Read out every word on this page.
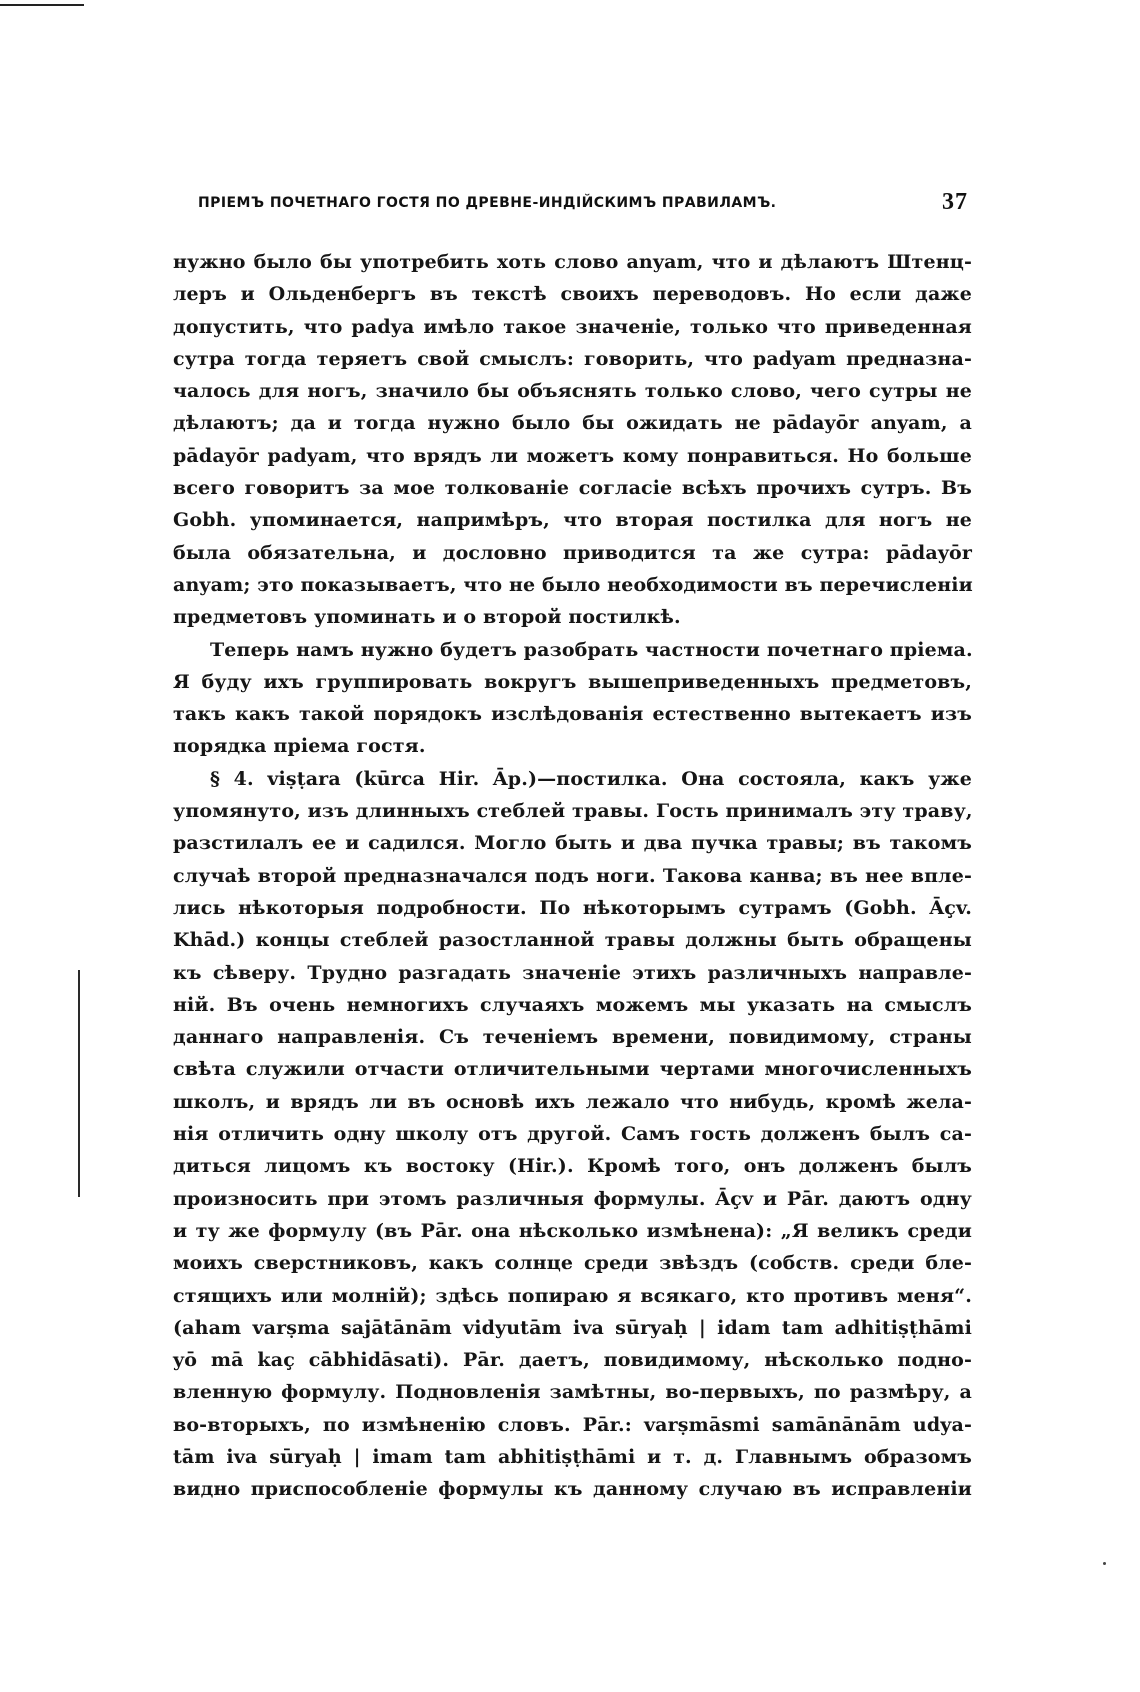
ПРІЕМЪ ПОЧЕТНАГО ГОСТЯ ПО ДРЕВНЕ-ИНДІЙСКИМЪ ПРАВИЛАМЪ.	37
нужно было бы употребить хоть слово anyam, что и дѣлаютъ Штенц-
леръ и Ольденбергъ въ текстѣ своихъ переводовъ. Но если даже
допустить, что padya имѣло такое значеніе, только что приведенная
сутра тогда теряетъ свой смыслъ: говорить, что padyam предназна-
чалось для ногъ, значило бы объяснять только слово, чего сутры не
дѣлаютъ; да и тогда нужно было бы ожидать не pādayōr anyam, a
pādayōr padyam, что врядъ ли можетъ кому понравиться. Но больше
всего говоритъ за мое толкованіе согласіе всѣхъ прочихъ сутръ. Въ
Gobh. упоминается, напримѣръ, что вторая постилка для ногъ не
была обязательна, и дословно приводится та же сутра: pādayōr
anyam; это показываетъ, что не было необходимости въ перечисленіи
предметовъ упоминать и о второй постилкѣ.
Теперь намъ нужно будетъ разобрать частности почетнаго пріема.
Я буду ихъ группировать вокругъ вышеприведенныхъ предметовъ,
такъ какъ такой порядокъ изслѣдованія естественно вытекаетъ изъ
порядка пріема гостя.
§ 4. viṣṭara (kūrca Hir. Āp.)—постилка. Она состояла, какъ уже
упомянуто, изъ длинныхъ стеблей травы. Гость принималъ эту траву,
разстилалъ ее и садился. Могло быть и два пучка травы; въ такомъ
случаѣ второй предназначался подъ ноги. Такова канва; въ нее впле-
лись нѣкоторыя подробности. По нѣкоторымъ сутрамъ (Gobh. Āçv.
Khād.) концы стеблей разостланной травы должны быть обращены
къ сѣверу. Трудно разгадать значеніе этихъ различныхъ направле-
ній. Въ очень немногихъ случаяхъ можемъ мы указать на смыслъ
даннаго направленія. Съ теченіемъ времени, повидимому, страны
свѣта служили отчасти отличительными чертами многочисленныхъ
школъ, и врядъ ли въ основѣ ихъ лежало что нибудь, кромѣ жела-
нія отличить одну школу отъ другой. Самъ гость долженъ былъ са-
диться лицомъ къ востоку (Hir.). Кромѣ того, онъ долженъ былъ
произносить при этомъ различныя формулы. Āçv и Pār. даютъ одну
и ту же формулу (въ Pār. она нѣсколько измѣнена): „Я великъ среди
моихъ сверстниковъ, какъ солнце среди звѣздъ (собств. среди бле-
стящихъ или молній); здѣсь попираю я всякаго, кто противъ меня“.
(aham varṣma sajātānām vidyutām iva sūryaḥ | idam tam adhitiṣṭhāmi
yō mā kaç cābhidāsati). Pār. даетъ, повидимому, нѣсколько подно-
вленную формулу. Подновленія замѣтны, во-первыхъ, по размѣру, а
во-вторыхъ, по измѣненію словъ. Pār.: varṣmāsmi samānānām udya-
tām iva sūryaḥ | imam tam abhitiṣṭhāmi и т. д. Главнымъ образомъ
видно приспособленіе формулы къ данному случаю въ исправленіи
